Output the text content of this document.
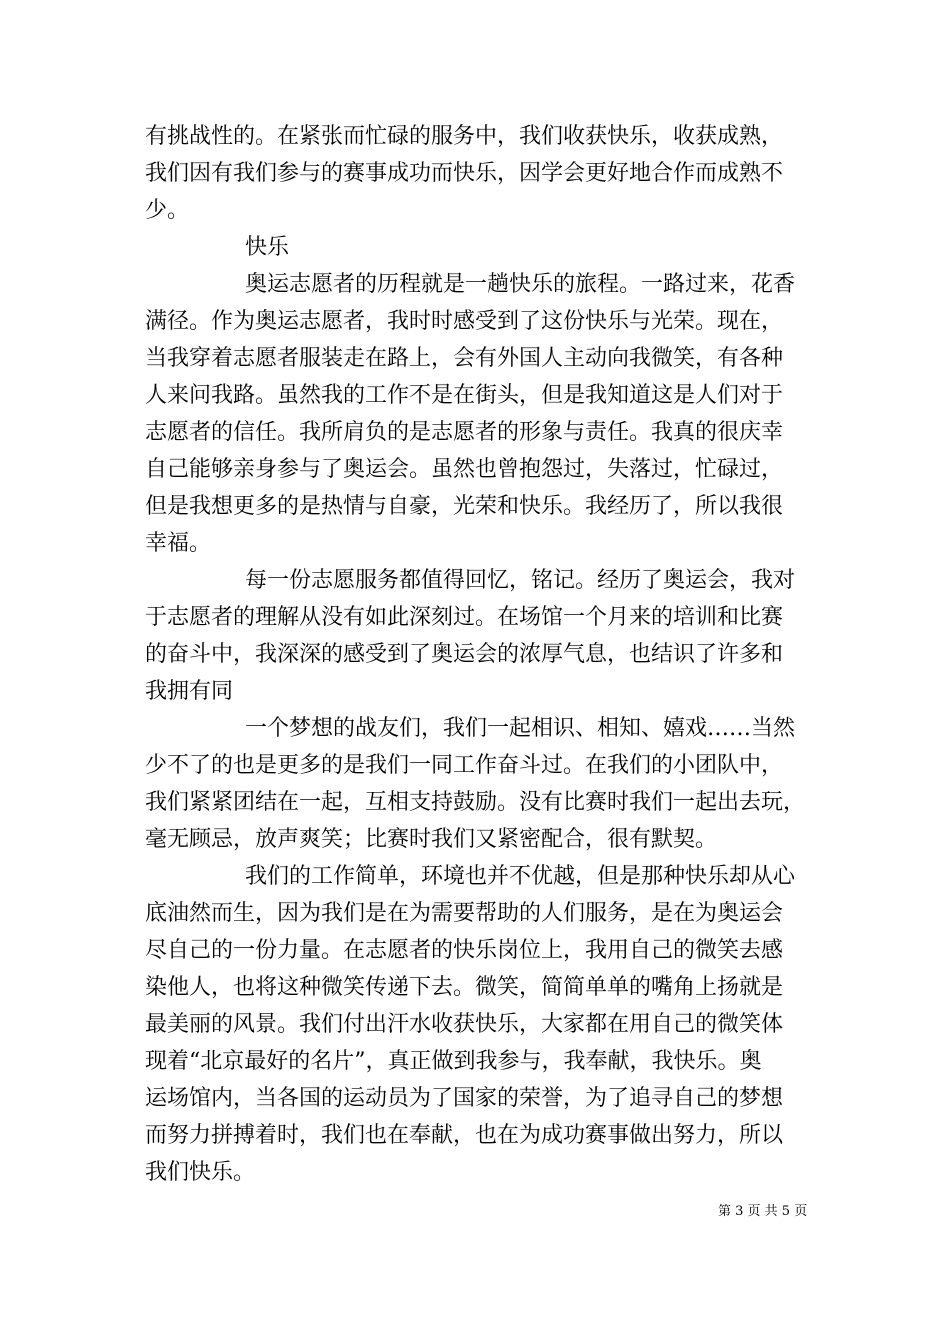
有挑战性的。在紧张而忙碌的服务中，我们收获快乐，收获成熟，
我们因有我们参与的赛事成功而快乐，因学会更好地合作而成熟不
少。
快乐
奥运志愿者的历程就是一趟快乐的旅程。一路过来，花香
满径。作为奥运志愿者，我时时感受到了这份快乐与光荣。现在，
当我穿着志愿者服装走在路上，会有外国人主动向我微笑，有各种
人来问我路。虽然我的工作不是在街头，但是我知道这是人们对于
志愿者的信任。我所肩负的是志愿者的形象与责任。我真的很庆幸
自己能够亲身参与了奥运会。虽然也曾抱怨过，失落过，忙碌过，
但是我想更多的是热情与自豪，光荣和快乐。我经历了，所以我很
幸福。
每一份志愿服务都值得回忆，铭记。经历了奥运会，我对
于志愿者的理解从没有如此深刻过。在场馆一个月来的培训和比赛
的奋斗中，我深深的感受到了奥运会的浓厚气息，也结识了许多和
我拥有同
一个梦想的战友们，我们一起相识、相知、嬉戏……当然
少不了的也是更多的是我们一同工作奋斗过。在我们的小团队中，
我们紧紧团结在一起，互相支持鼓励。没有比赛时我们一起出去玩，
毫无顾忌，放声爽笑；比赛时我们又紧密配合，很有默契。
我们的工作简单，环境也并不优越，但是那种快乐却从心
底油然而生，因为我们是在为需要帮助的人们服务，是在为奥运会
尽自己的一份力量。在志愿者的快乐岗位上，我用自己的微笑去感
染他人，也将这种微笑传递下去。微笑，简简单单的嘴角上扬就是
最美丽的风景。我们付出汗水收获快乐，大家都在用自己的微笑体
现着“北京最好的名片”，真正做到我参与，我奉献，我快乐。奥
运场馆内，当各国的运动员为了国家的荣誉，为了追寻自己的梦想
而努力拼搏着时，我们也在奉献，也在为成功赛事做出努力，所以
我们快乐。
第 3 页 共 5 页
